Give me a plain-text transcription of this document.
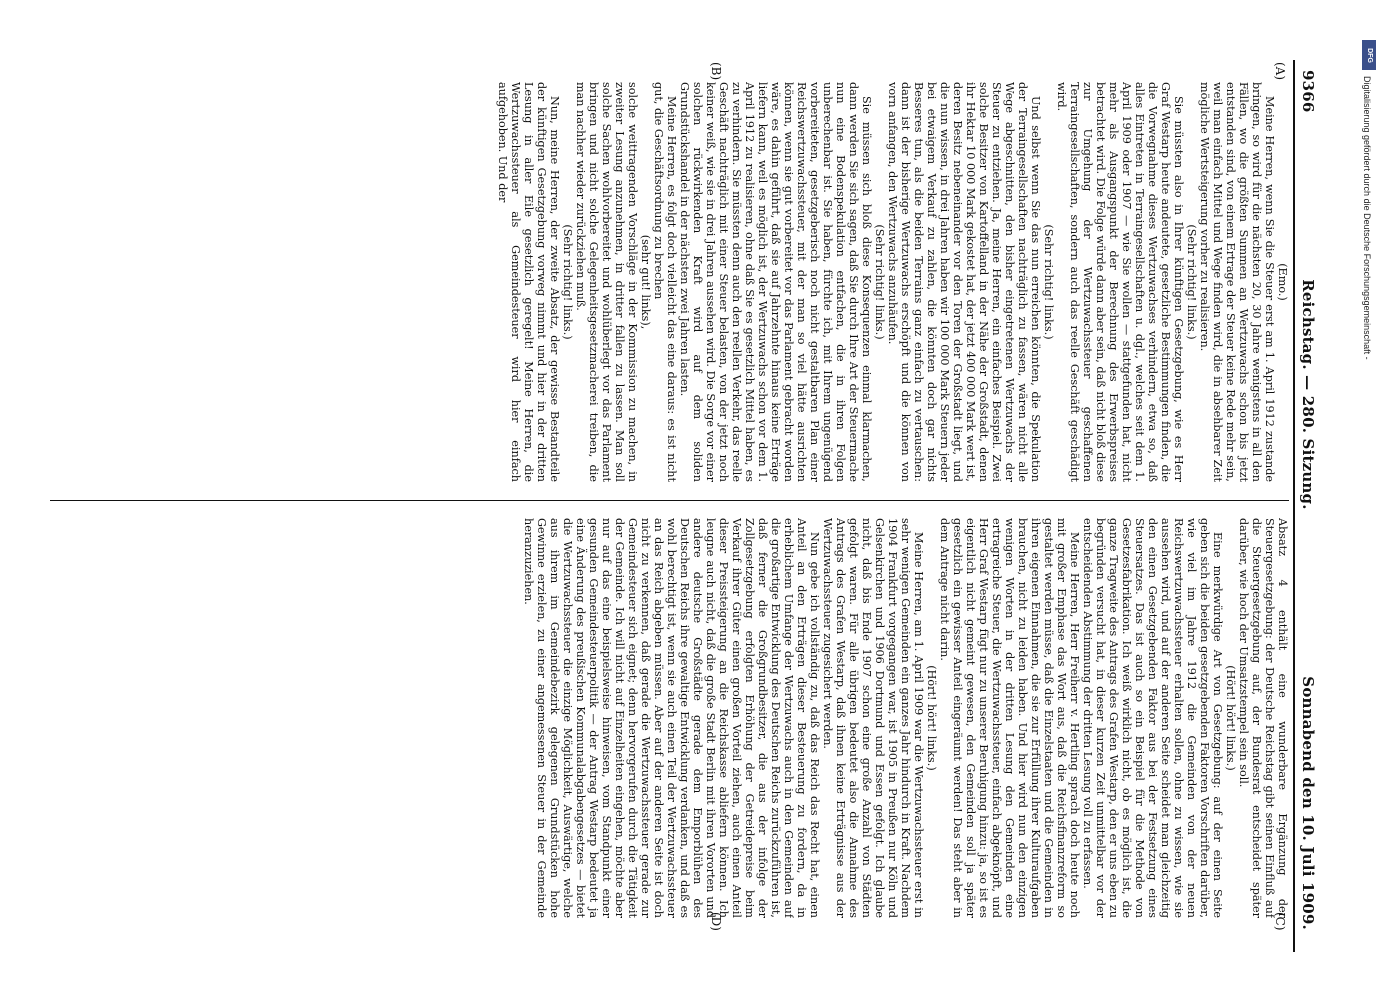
9366
Reichstag. — 280. Sitzung.
Sonnabend den 10. Juli 1909.
(A)
(B)
(C)
(D)

(Emo.)

Meine Herren, wenn Sie die Steuer erst am 1. April 1912 zustande bringen, so wird für die nächsten 20, 30 Jahre wenigstens in all den Fällen, wo die größten Summen an Wertzuwachs schon bis jetzt entstanden sind, von einem Ertrage der Steuer keine Rede mehr sein, weil man einfach Mittel und Wege finden wird, die in absehbarer Zeit mögliche Wertsteigerung vorher zu realisieren.

(Sehr richtig! links.)

Sie müssten also in Ihrer künftigen Gesetzgebung, wie es Herr Graf Westarp heute andeutete, gesetzliche Bestimmungen finden, die die Vorwegnahme dieses Wertzuwachses verhindern, etwa so, daß alles Eintreten in Terraingesellschaften u. dgl., welches seit dem 1. April 1909 oder 1907 — wie Sie wollen — stattgefunden hat, nicht mehr als Ausgangspunkt der Berechnung des Erwerbspreises betrachtet wird. Die Folge würde dann aber sein, daß nicht bloß diese zur Umgehung der Wertzuwachssteuer geschaffenen Terraingesellschaften, sondern auch das reelle Geschäft geschädigt wird.

(Sehr richtig! links.)

Und selbst wenn Sie das nun erreichen könnten, die Spekulation der Terraingesellschaften nachträglich zu fassen, wären nicht alle Wege abgeschnitten, den bisher eingetretenen Wertzuwachs der Steuer zu entziehen. Ja, meine Herren, ein einfaches Beispiel. Zwei solche Besitzer von Kartoffelland in der Nähe der Großstadt, denen ihr Hektar 10 000 Mark gekostet hat, der jetzt 400 000 Mark wert ist, deren Besitz nebeneinander vor den Toren der Großstadt liegt, und die nun wissen, in drei Jahren haben wir 100 000 Mark Steuern jeder bei etwaigem Verkauf zu zahlen, die könnten doch gar nichts Besseres tun, als die beiden Terrains ganz einfach zu vertauschen: dann ist der bisherige Wertzuwachs erschöpft und die können von vorn anfangen, den Wertzuwachs anzuhäufen.

(Sehr richtig! links.)

Sie müssen sich bloß diese Konsequenzen einmal klarmachen, dann werden Sie sich sagen, daß Sie durch Ihre Art der Steuermache nun eine Bodenspekulation entfachen, die in ihren Folgen unberechenbar ist. Sie haben, fürchte ich, mit Ihrem ungenügend vorbereiteten, gesetzgeberisch noch nicht gestaltbaren Plan einer Reichswertzuwachssteuer, mit der man so viel hätte ausrichten können, wenn sie gut vorbereitet vor das Parlament gebracht worden wäre, es dahin geführt, daß sie auf Jahrzehnte hinaus keine Erträge liefern kann, weil es möglich ist, der Wertzuwachs schon vor dem 1. April 1912 zu realisieren, ohne daß Sie es gesetzlich Mittel haben, es zu verhindern. Sie müssten denn auch den reellen Verkehr, das reelle Geschäft nachträglich mit einer Steuer belasten, von der jetzt noch keiner weiß, wie sie in drei Jahren aussehen wird. Die Sorge vor einer solchen rückwirkenden Kraft wird auf dem soliden Grundstückshandel in der nächsten zwei Jahren lasten.

Meine Herren, es folgt doch vielleicht das eine daraus: es ist nicht gut, die Geschäftsordnung zu brechen

(sehr gut! links),

solche weittragenden Vorschläge in der Kommission zu machen, in zweiter Lesung anzunehmen, in dritter fallen zu lassen. Man soll solche Sachen wohlvorbereitet und wohlüberlegt vor das Parlament bringen und nicht solche Gelegenheitsgesetzmacherei treiben, die man nachher wieder zurückziehen muß.

(Sehr richtig! links.)

Nun, meine Herren, der zweite Absatz, der gewisse Bestandteile der künftigen Gesetzgebung vorweg nimmt und hier in der dritten Lesung in aller Eile gesetzlich geregelt! Meine Herren, die Wertzuwachssteuer als Gemeindesteuer wird hier einfach aufgehoben. Und der

Absatz 4 enthält eine wunderbare Ergänzung der Steuergesetzgebung: der Deutsche Reichstag gibt seinen Einfluß auf die Steuergesetzgebung auf, der Bundesrat entscheidet später darüber, wie hoch der Umsatzstempel sein soll.

(Hört! hört! links.)

Eine merkwürdige Art von Gesetzgebung: auf der einen Seite geben sich die beiden gesetzgebenden Faktoren Vorschriften darüber, wie viel im Jahre 1912 die Gemeinden von der neuen Reichswertzuwachssteuer erhalten sollen, ohne zu wissen, wie sie aussehen wird, und auf der anderen Seite scheidet man gleichzeitig den einen Gesetzgebenden Faktor aus bei der Festsetzung eines Steuersatzes. Das ist auch so ein Beispiel für die Methode von Gesetzesfabrikation. Ich weiß wirklich nicht, ob es möglich ist, die ganze Tragweite des Antrags des Grafen Westarp, den er uns eben zu begründen versucht hat, in dieser kurzen Zeit unmittelbar vor der entscheidenden Abstimmung der dritten Lesung voll zu erfassen.

Meine Herren, Herr Freiherr v. Hertling sprach doch heute noch mit großer Emphase das Wort aus, daß die Reichsfinanzreform so gestaltet werden müsse, daß die Einzelstaaten und die Gemeinden in ihren eigenen Einnahmen, die sie zur Erfüllung ihrer Kulturaufgaben brauchen, nicht zu leiden haben. Und hier wird nun den einzigen wenigen Worten in der dritten Lesung den Gemeinden eine ertragreiche Steuer, die Wertzuwachssteuer, einfach abgeknöpft, und Herr Graf Westarp fügt nur zu unserer Beruhigung hinzu: ja, so ist es eigentlich nicht gemeint gewesen, den Gemeinden soll ja später gesetzlich ein gewisser Anteil eingeräumt werden! Das steht aber in dem Antrage nicht darin.

(Hört! hört! links.)

Meine Herren, am 1. April 1909 war die Wertzuwachssteuer erst in sehr wenigen Gemeinden ein ganzes Jahr hindurch in Kraft. Nachdem 1904 Frankfurt vorgegangen war, ist 1905 in Preußen nur Köln und Gelsenkirchen und 1906 Dortmund und Essen gefolgt. Ich glaube nicht, daß bis Ende 1907 schon eine große Anzahl von Städten gefolgt waren. Für alle übrigen bedeutet also die Annahme des Antrags des Grafen Westarp, daß ihnen keine Erträgnisse aus der Wertzuwachssteuer zugesichert werden.

Nun gebe ich vollständig zu, daß das Reich das Recht hat, einen Anteil an den Erträgen dieser Besteuerung zu fordern, da in erheblichem Umfange der Wertzuwachs auch in den Gemeinden auf die großartige Entwicklung des Deutschen Reichs zurückzuführen ist, daß ferner die Großgrundbesitzer, die aus der infolge der Zollgesetzgebung erfolgten Erhöhung der Getreidepreise beim Verkauf ihrer Güter einen großen Vorteil ziehen, auch einen Anteil dieser Preissteigerung an die Reichskasse abliefern können. Ich leugne auch nicht, daß die große Stadt Berlin mit ihren Vororten und andere deutsche Großstädte gerade dem Emporblühen des Deutschen Reichs ihre gewaltige Entwicklung verdanken, und daß es wohl berechtigt ist, wenn sie auch einen Teil der Wertzuwachssteuer an das Reich abgeben müssen. Aber auf der anderen Seite ist doch nicht zu verkennen, daß gerade die Wertzuwachssteuer gerade zur Gemeindesteuer sich eignet; denn hervorgerufen durch die Tätigkeit der Gemeinde. Ich will nicht auf Einzelheiten eingehen, möchte aber nur auf das eine beispielsweise hinweisen, vom Standpunkt einer gesunden Gemeindesteuerpolitik — der Antrag Westarp bedeutet ja eine Änderung des preußischen Kommunalabgabengesetzes — bietet die Wertzuwachssteuer die einzige Möglichkeit, Auswärtige, welche aus ihrem im Gemeindebezirk gelegenen Grundstücken hohe Gewinne erzielen, zu einer angemessenen Steuer in der Gemeinde heranzuziehen.

DFG
Digitalisierung gefördert durch die Deutsche Forschungsgemeinschaft -
